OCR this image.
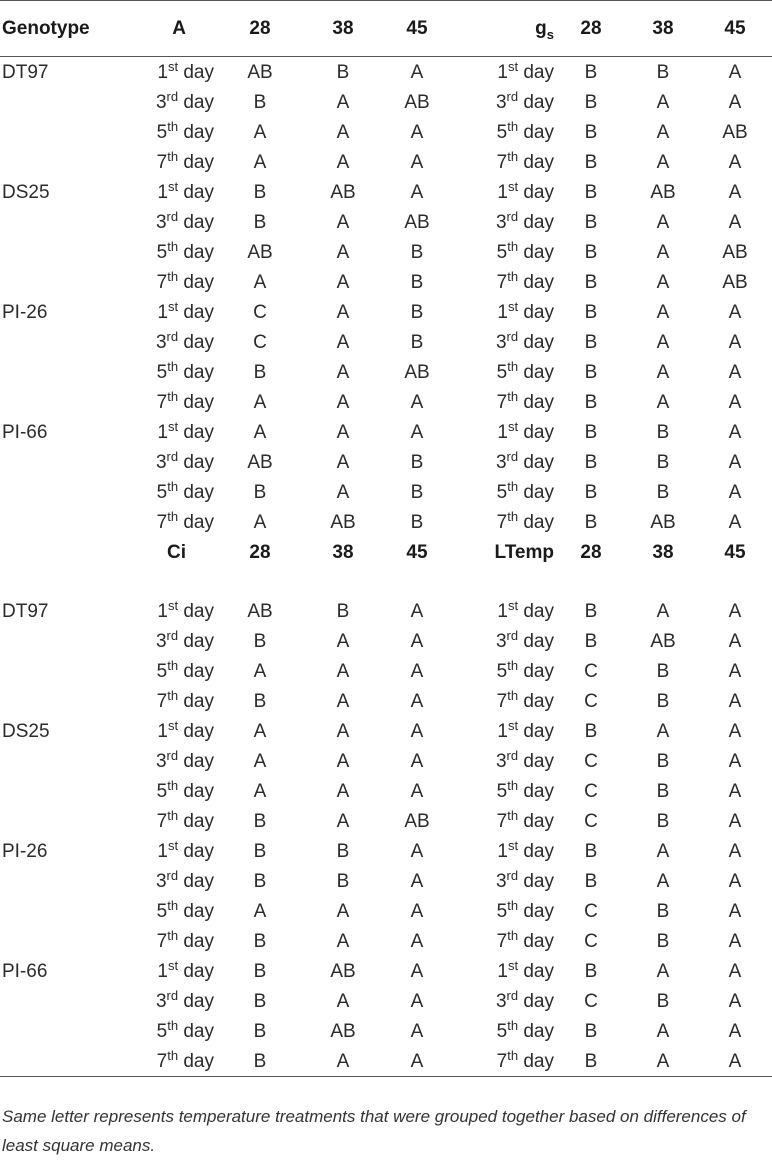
Genotype	A	28	38	45	$g_s$	28	38	45
DT97	1st day	AB	B	A	1st day	B	B	A
	3rd day	B	A	AB	3rd day	B	A	A
	5th day	A	A	A	5th day	B	A	AB
	7th day	A	A	A	7th day	B	A	A
DS25	1st day	B	AB	A	1st day	B	AB	A
	3rd day	B	A	AB	3rd day	B	A	A
	5th day	AB	A	B	5th day	B	A	AB
	7th day	A	A	B	7th day	B	A	AB
PI-26	1st day	C	A	B	1st day	B	A	A
	3rd day	C	A	B	3rd day	B	A	A
	5th day	B	A	AB	5th day	B	A	A
	7th day	A	A	A	7th day	B	A	A
PI-66	1st day	A	A	A	1st day	B	B	A
	3rd day	AB	A	B	3rd day	B	B	A
	5th day	B	A	B	5th day	B	B	A
	7th day	A	AB	B	7th day	B	AB	A
	Ci	28	38	45	LTemp	28	38	45

DT97	1st day	AB	B	A	1st day	B	A	A
	3rd day	B	A	A	3rd day	B	AB	A
	5th day	A	A	A	5th day	C	B	A
	7th day	B	A	A	7th day	C	B	A
DS25	1st day	A	A	A	1st day	B	A	A
	3rd day	A	A	A	3rd day	C	B	A
	5th day	A	A	A	5th day	C	B	A
	7th day	B	A	AB	7th day	C	B	A
PI-26	1st day	B	B	A	1st day	B	A	A
	3rd day	B	B	A	3rd day	B	A	A
	5th day	A	A	A	5th day	C	B	A
	7th day	B	A	A	7th day	C	B	A
PI-66	1st day	B	AB	A	1st day	B	A	A
	3rd day	B	A	A	3rd day	C	B	A
	5th day	B	AB	A	5th day	B	A	A
	7th day	B	A	A	7th day	B	A	A
Same letter represents temperature treatments that were grouped together based on differences of least square means.
